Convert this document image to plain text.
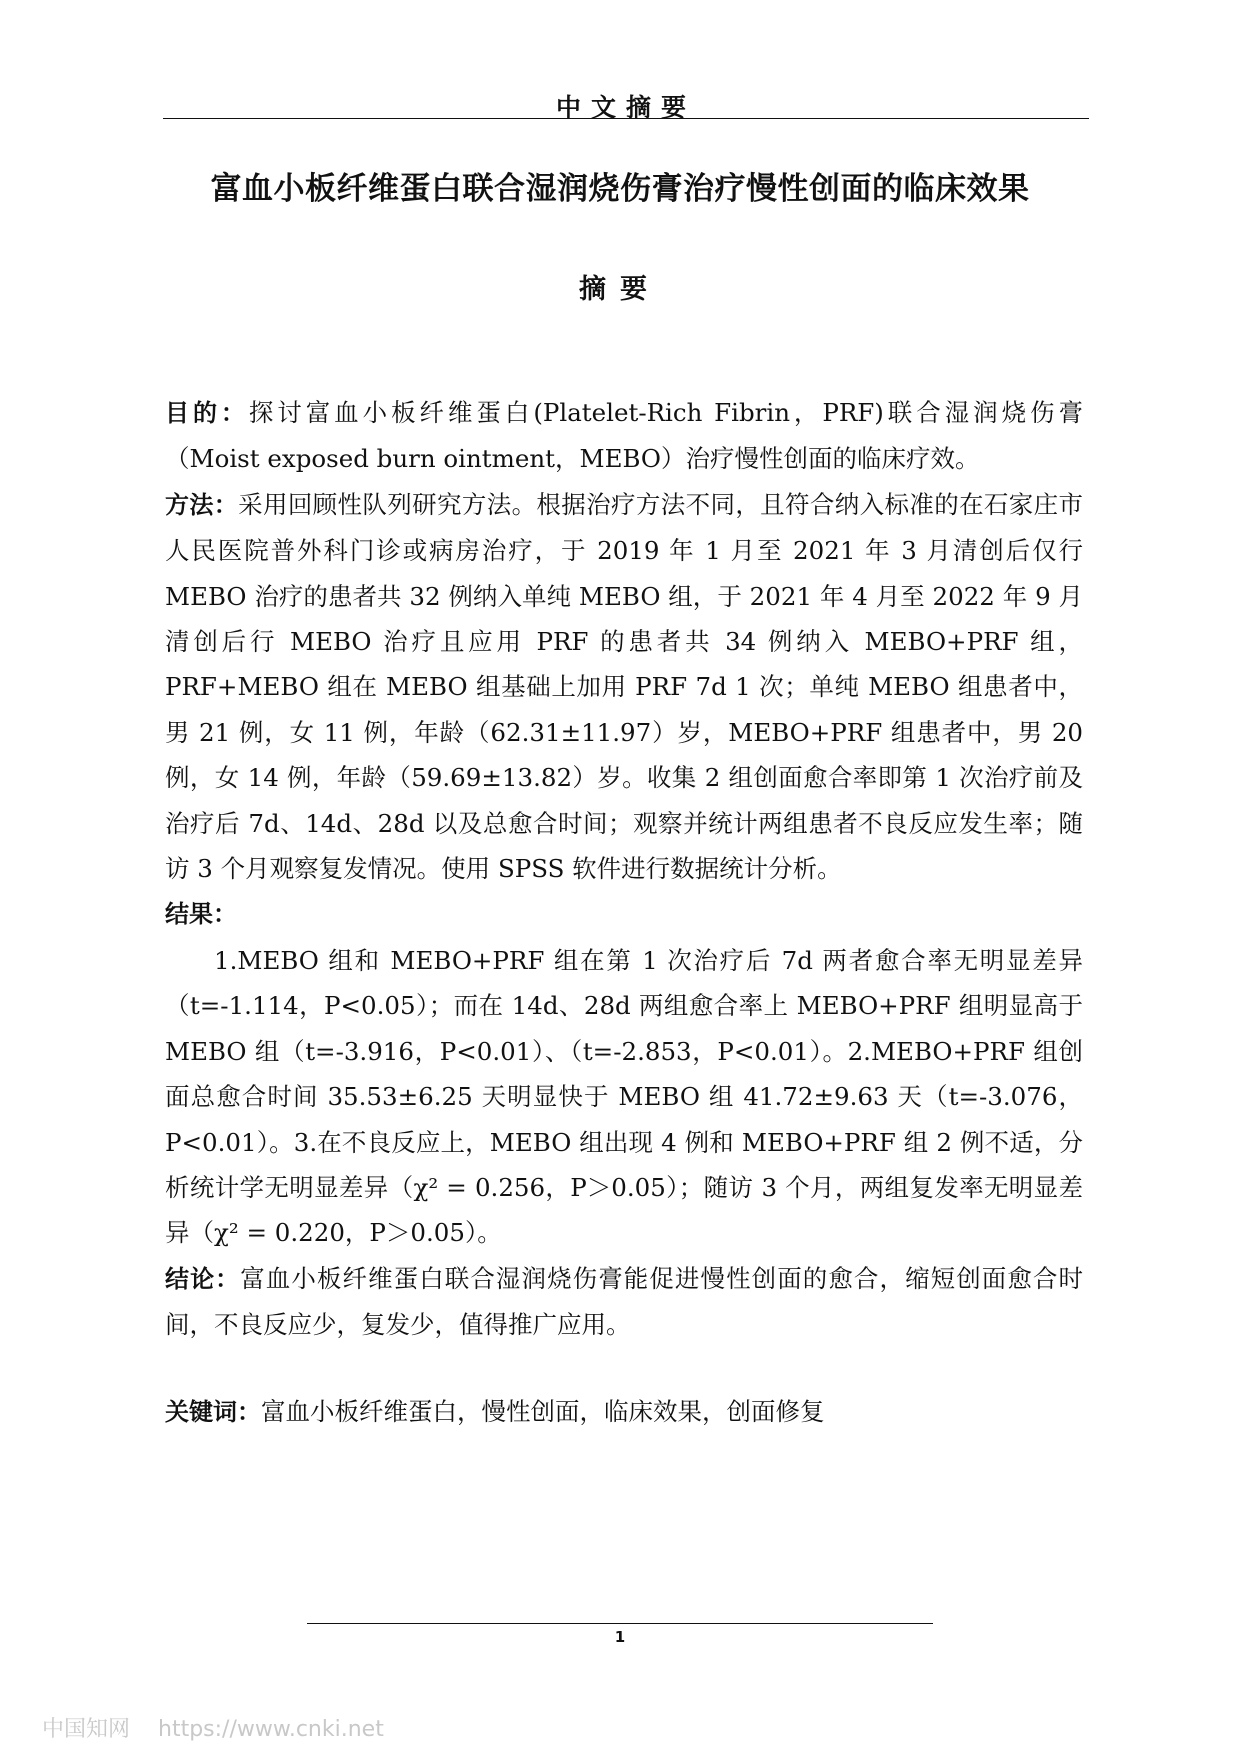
中文摘要
富血小板纤维蛋白联合湿润烧伤膏治疗慢性创面的临床效果
摘要

目的：探讨富血小板纤维蛋白(Platelet-Rich Fibrin，PRF)联合湿润烧伤膏（Moist exposed burn ointment，MEBO）治疗慢性创面的临床疗效。

方法：采用回顾性队列研究方法。根据治疗方法不同，且符合纳入标准的在石家庄市人民医院普外科门诊或病房治疗，于 2019 年 1 月至 2021 年 3 月清创后仅行 MEBO 治疗的患者共 32 例纳入单纯 MEBO 组，于 2021 年 4 月至 2022 年 9 月清创后行 MEBO 治疗且应用 PRF 的患者共 34 例纳入 MEBO+PRF 组，PRF+MEBO 组在 MEBO 组基础上加用 PRF 7d 1 次；单纯 MEBO 组患者中，男 21 例，女 11 例，年龄（62.31±11.97）岁，MEBO+PRF 组患者中，男 20 例，女 14 例，年龄（59.69±13.82）岁。收集 2 组创面愈合率即第 1 次治疗前及治疗后 7d、14d、28d 以及总愈合时间；观察并统计两组患者不良反应发生率；随访 3 个月观察复发情况。使用 SPSS 软件进行数据统计分析。

结果：

1.MEBO 组和 MEBO+PRF 组在第 1 次治疗后 7d 两者愈合率无明显差异（t=-1.114，P<0.05）；而在 14d、28d 两组愈合率上 MEBO+PRF 组明显高于 MEBO 组（t=-3.916，P<0.01）、（t=-2.853，P<0.01）。2.MEBO+PRF 组创面总愈合时间 35.53±6.25 天明显快于 MEBO 组 41.72±9.63 天（t=-3.076，P<0.01）。3.在不良反应上，MEBO 组出现 4 例和 MEBO+PRF 组 2 例不适，分析统计学无明显差异（χ² = 0.256，P＞0.05）；随访 3 个月，两组复发率无明显差异（χ² = 0.220，P＞0.05）。

结论：富血小板纤维蛋白联合湿润烧伤膏能促进慢性创面的愈合，缩短创面愈合时间，不良反应少，复发少，值得推广应用。

关键词：富血小板纤维蛋白，慢性创面，临床效果，创面修复

1
中国知网 https://www.cnki.net
